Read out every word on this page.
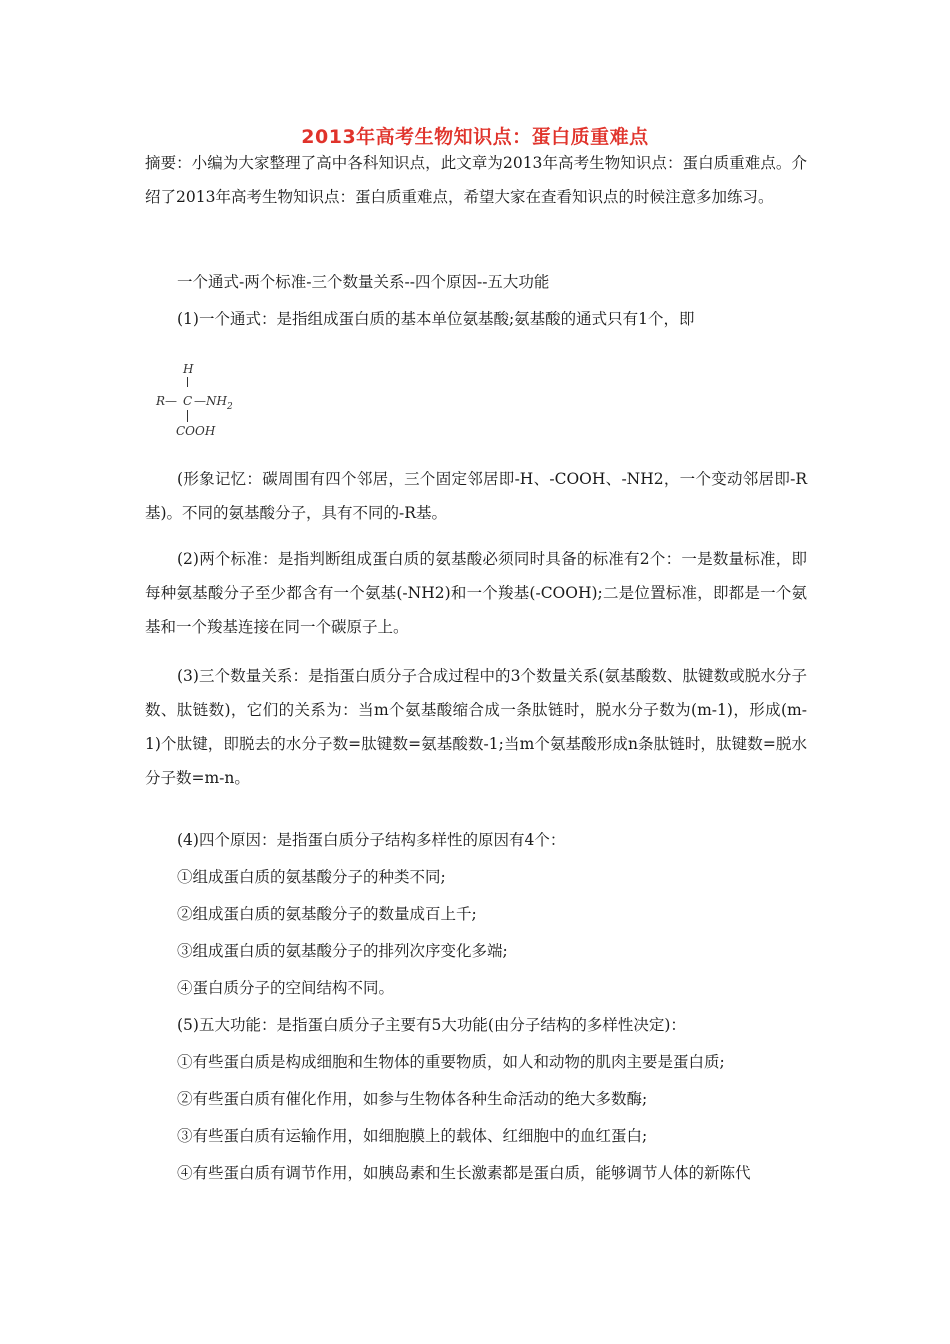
2013年高考生物知识点：蛋白质重难点
摘要：小编为大家整理了高中各科知识点，此文章为2013年高考生物知识点：蛋白质重难点。介绍了2013年高考生物知识点：蛋白质重难点，希望大家在查看知识点的时候注意多加练习。
一个通式-两个标准-三个数量关系--四个原因--五大功能
(1)一个通式：是指组成蛋白质的基本单位氨基酸;氨基酸的通式只有1个，即
H
R— C $—NH_2$
COOH
(形象记忆：碳周围有四个邻居，三个固定邻居即-H、-COOH、-NH2，一个变动邻居即-R基)。不同的氨基酸分子，具有不同的-R基。
(2)两个标准：是指判断组成蛋白质的氨基酸必须同时具备的标准有2个：一是数量标准，即每种氨基酸分子至少都含有一个氨基(-NH2)和一个羧基(-COOH);二是位置标准，即都是一个氨基和一个羧基连接在同一个碳原子上。
(3)三个数量关系：是指蛋白质分子合成过程中的3个数量关系(氨基酸数、肽键数或脱水分子数、肽链数)，它们的关系为：当m个氨基酸缩合成一条肽链时，脱水分子数为(m-1)，形成(m-1)个肽键，即脱去的水分子数=肽键数=氨基酸数-1;当m个氨基酸形成n条肽链时，肽键数=脱水分子数=m-n。
(4)四个原因：是指蛋白质分子结构多样性的原因有4个：
①组成蛋白质的氨基酸分子的种类不同;
②组成蛋白质的氨基酸分子的数量成百上千;
③组成蛋白质的氨基酸分子的排列次序变化多端;
④蛋白质分子的空间结构不同。
(5)五大功能：是指蛋白质分子主要有5大功能(由分子结构的多样性决定)：
①有些蛋白质是构成细胞和生物体的重要物质，如人和动物的肌肉主要是蛋白质;
②有些蛋白质有催化作用，如参与生物体各种生命活动的绝大多数酶;
③有些蛋白质有运输作用，如细胞膜上的载体、红细胞中的血红蛋白;
④有些蛋白质有调节作用，如胰岛素和生长激素都是蛋白质，能够调节人体的新陈代
